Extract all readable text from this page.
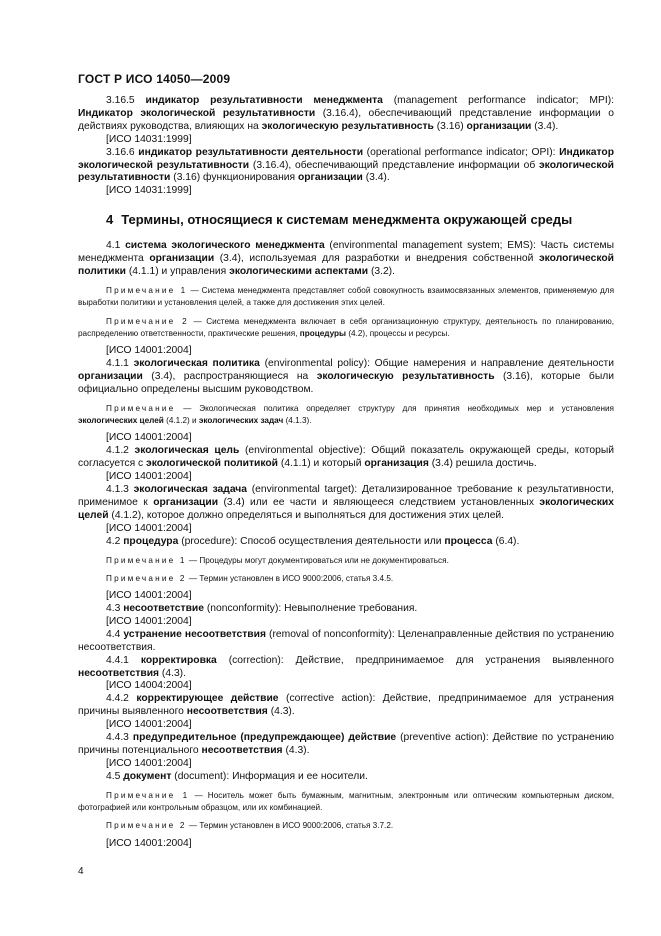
ГОСТ Р ИСО 14050—2009

3.16.5 индикатор результативности менеджмента (management performance indicator; MPI): Индикатор экологической результативности (3.16.4), обеспечивающий представление информации о действиях руководства, влияющих на экологическую результативность (3.16) организации (3.4).

[ИСО 14031:1999]

3.16.6 индикатор результативности деятельности (operational performance indicator; OPI): Индикатор экологической результативности (3.16.4), обеспечивающий представление информации об экологической результативности (3.16) функционирования организации (3.4).

[ИСО 14031:1999]
4 Термины, относящиеся к системам менеджмента окружающей среды

4.1 система экологического менеджмента (environmental management system; EMS): Часть системы менеджмента организации (3.4), используемая для разработки и внедрения собственной экологической политики (4.1.1) и управления экологическими аспектами (3.2).

Примечание 1 — Система менеджмента представляет собой совокупность взаимосвязанных элементов, применяемую для выработки политики и установления целей, а также для достижения этих целей.

Примечание 2 — Система менеджмента включает в себя организационную структуру, деятельность по планированию, распределению ответственности, практические решения, процедуры (4.2), процессы и ресурсы.

[ИСО 14001:2004]

4.1.1 экологическая политика (environmental policy): Общие намерения и направление деятельности организации (3.4), распространяющиеся на экологическую результативность (3.16), которые были официально определены высшим руководством.

Примечание — Экологическая политика определяет структуру для принятия необходимых мер и установления экологических целей (4.1.2) и экологических задач (4.1.3).

[ИСО 14001:2004]

4.1.2 экологическая цель (environmental objective): Общий показатель окружающей среды, который согласуется с экологической политикой (4.1.1) и который организация (3.4) решила достичь.

[ИСО 14001:2004]

4.1.3 экологическая задача (environmental target): Детализированное требование к результативности, применимое к организации (3.4) или ее части и являющееся следствием установленных экологических целей (4.1.2), которое должно определяться и выполняться для достижения этих целей.

[ИСО 14001:2004]

4.2 процедура (procedure): Способ осуществления деятельности или процесса (6.4).

Примечание 1 — Процедуры могут документироваться или не документироваться.

Примечание 2 — Термин установлен в ИСО 9000:2006, статья 3.4.5.

[ИСО 14001:2004]

4.3 несоответствие (nonconformity): Невыполнение требования.

[ИСО 14001:2004]

4.4 устранение несоответствия (removal of nonconformity): Целенаправленные действия по устранению несоответствия.

4.4.1 корректировка (correction): Действие, предпринимаемое для устранения выявленного несоответствия (4.3).

[ИСО 14004:2004]

4.4.2 корректирующее действие (corrective action): Действие, предпринимаемое для устранения причины выявленного несоответствия (4.3).

[ИСО 14001:2004]

4.4.3 предупредительное (предупреждающее) действие (preventive action): Действие по устранению причины потенциального несоответствия (4.3).

[ИСО 14001:2004]

4.5 документ (document): Информация и ее носители.

Примечание 1 — Носитель может быть бумажным, магнитным, электронным или оптическим компьютерным диском, фотографией или контрольным образцом, или их комбинацией.

Примечание 2 — Термин установлен в ИСО 9000:2006, статья 3.7.2.

[ИСО 14001:2004]
4
